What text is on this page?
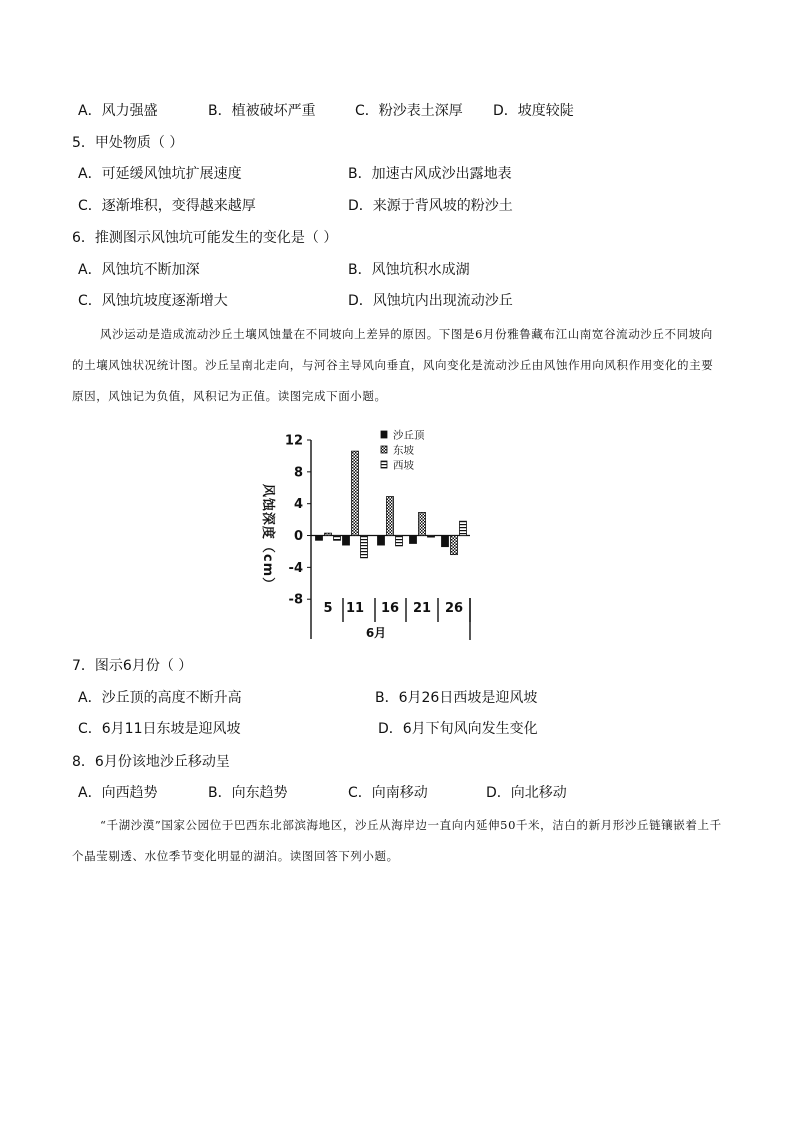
A．风力强盛	B．植被破坏严重	C．粉沙表土深厚 D．坡度较陡
5．甲处物质（ ）
A．可延缓风蚀坑扩展速度	B．加速古风成沙出露地表
C．逐渐堆积，变得越来越厚	D．来源于背风坡的粉沙土
6．推测图示风蚀坑可能发生的变化是（ ）
A．风蚀坑不断加深	B．风蚀坑积水成湖
C．风蚀坑坡度逐渐增大	D．风蚀坑内出现流动沙丘
风沙运动是造成流动沙丘土壤风蚀量在不同坡向上差异的原因。下图是6月份雅鲁藏布江山南宽谷流动沙丘不同坡向的土壤风蚀状况统计图。沙丘呈南北走向，与河谷主导风向垂直，风向变化是流动沙丘由风蚀作用向风积作用变化的主要原因，风蚀记为负值，风积记为正值。读图完成下面小题。
12
8
4
0
-4
-8
风蚀深度（cm）
5 11 16 21 26
6月
沙丘顶
东坡
西坡
7．图示6月份（ ）
A．沙丘顶的高度不断升高	B．6月26日西坡是迎风坡
C．6月11日东坡是迎风坡	D．6月下旬风向发生变化
8．6月份该地沙丘移动呈
A．向西趋势	B．向东趋势	C．向南移动	D．向北移动
“千湖沙漠”国家公园位于巴西东北部滨海地区，沙丘从海岸边一直向内延伸50千米，洁白的新月形沙丘链镶嵌着上千个晶莹剔透、水位季节变化明显的湖泊。读图回答下列小题。
